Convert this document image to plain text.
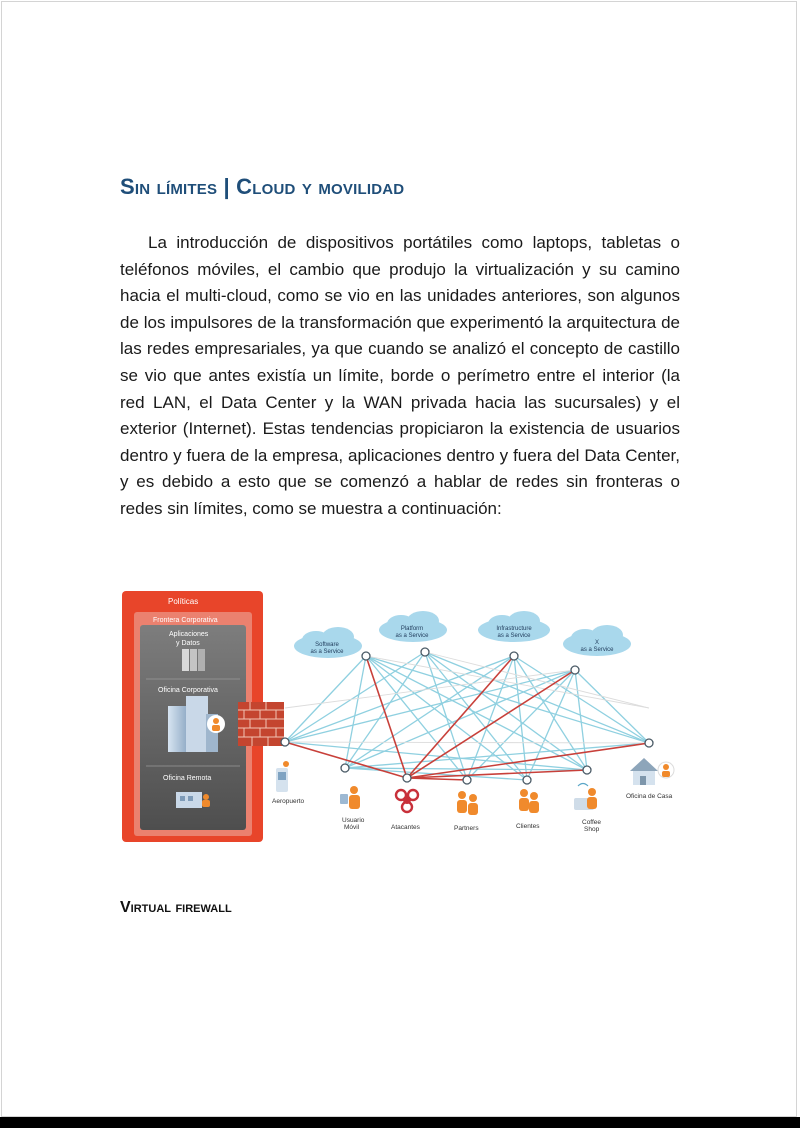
Sin límites | Cloud y movilidad

La introducción de dispositivos portátiles como laptops, tabletas o teléfonos móviles, el cambio que produjo la virtualización y su camino hacia el multi-cloud, como se vio en las unidades anteriores, son algunos de los impulsores de la transformación que experimentó la arquitectura de las redes empresariales, ya que cuando se analizó el concepto de castillo se vio que antes existía un límite, borde o perímetro entre el interior (la red LAN, el Data Center y la WAN privada hacia las sucursales) y el exterior (Internet). Estas tendencias propiciaron la existencia de usuarios dentro y fuera de la empresa, aplicaciones dentro y fuera del Data Center, y es debido a esto que se comenzó a hablar de redes sin fronteras o redes sin límites, como se muestra a continuación:

Políticas
Frontera Corporativa
Aplicaciones
y Datos
Oficina Corporativa
Oficina Remota
Software
as a Service
Platform
as a Service
Infrastructure
as a Service
X
as a Service
Aeropuerto
Usuario
Móvil	Atacantes	Partners	Clientes
Coffee
Shop
Oficina de Casa
Virtual firewall
